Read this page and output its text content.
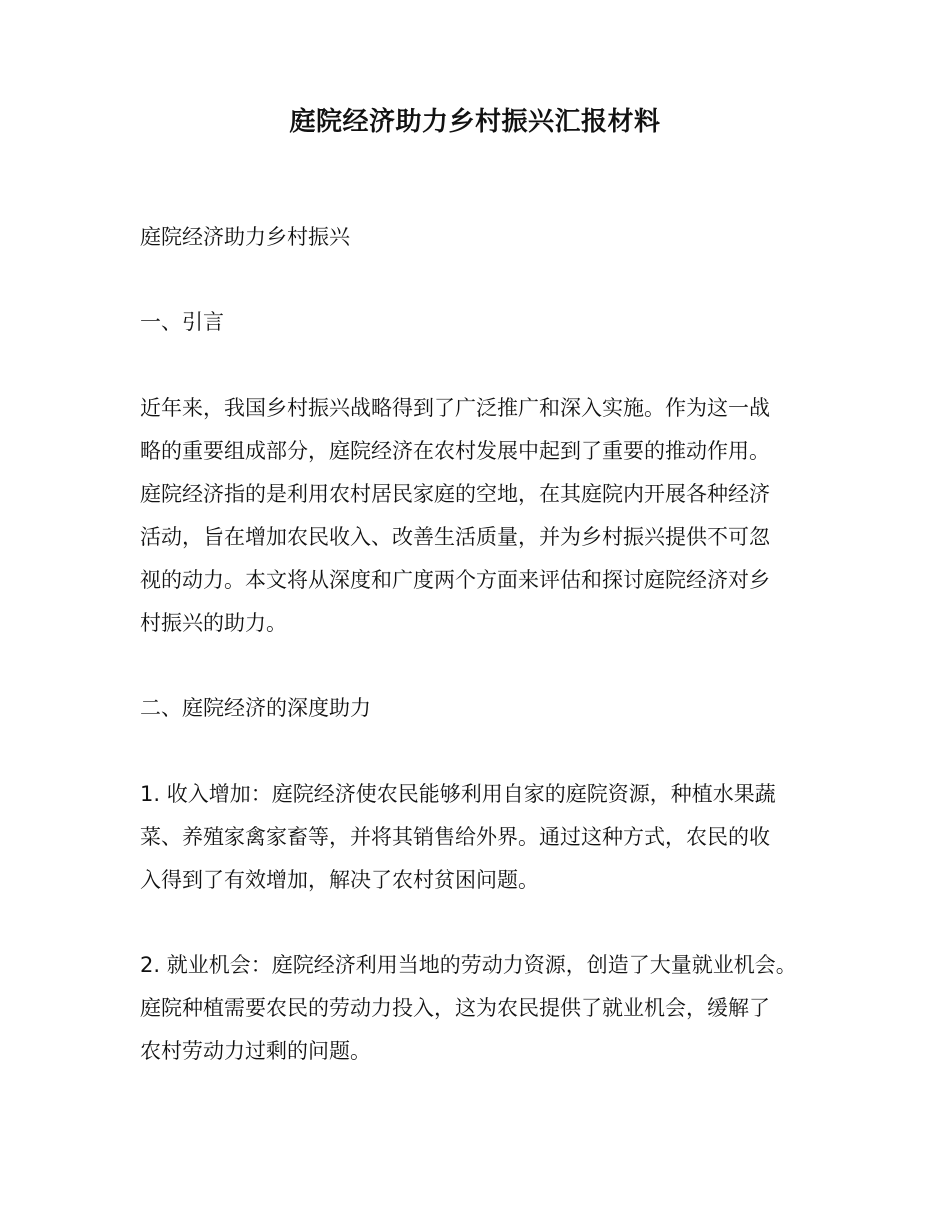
庭院经济助力乡村振兴汇报材料

庭院经济助力乡村振兴

一、引言

近年来，我国乡村振兴战略得到了广泛推广和深入实施。作为这一战
略的重要组成部分，庭院经济在农村发展中起到了重要的推动作用。
庭院经济指的是利用农村居民家庭的空地，在其庭院内开展各种经济
活动，旨在增加农民收入、改善生活质量，并为乡村振兴提供不可忽
视的动力。本文将从深度和广度两个方面来评估和探讨庭院经济对乡
村振兴的助力。

二、庭院经济的深度助力

1. 收入增加：庭院经济使农民能够利用自家的庭院资源，种植水果蔬
菜、养殖家禽家畜等，并将其销售给外界。通过这种方式，农民的收
入得到了有效增加，解决了农村贫困问题。
2. 就业机会：庭院经济利用当地的劳动力资源，创造了大量就业机会。
庭院种植需要农民的劳动力投入，这为农民提供了就业机会，缓解了
农村劳动力过剩的问题。
